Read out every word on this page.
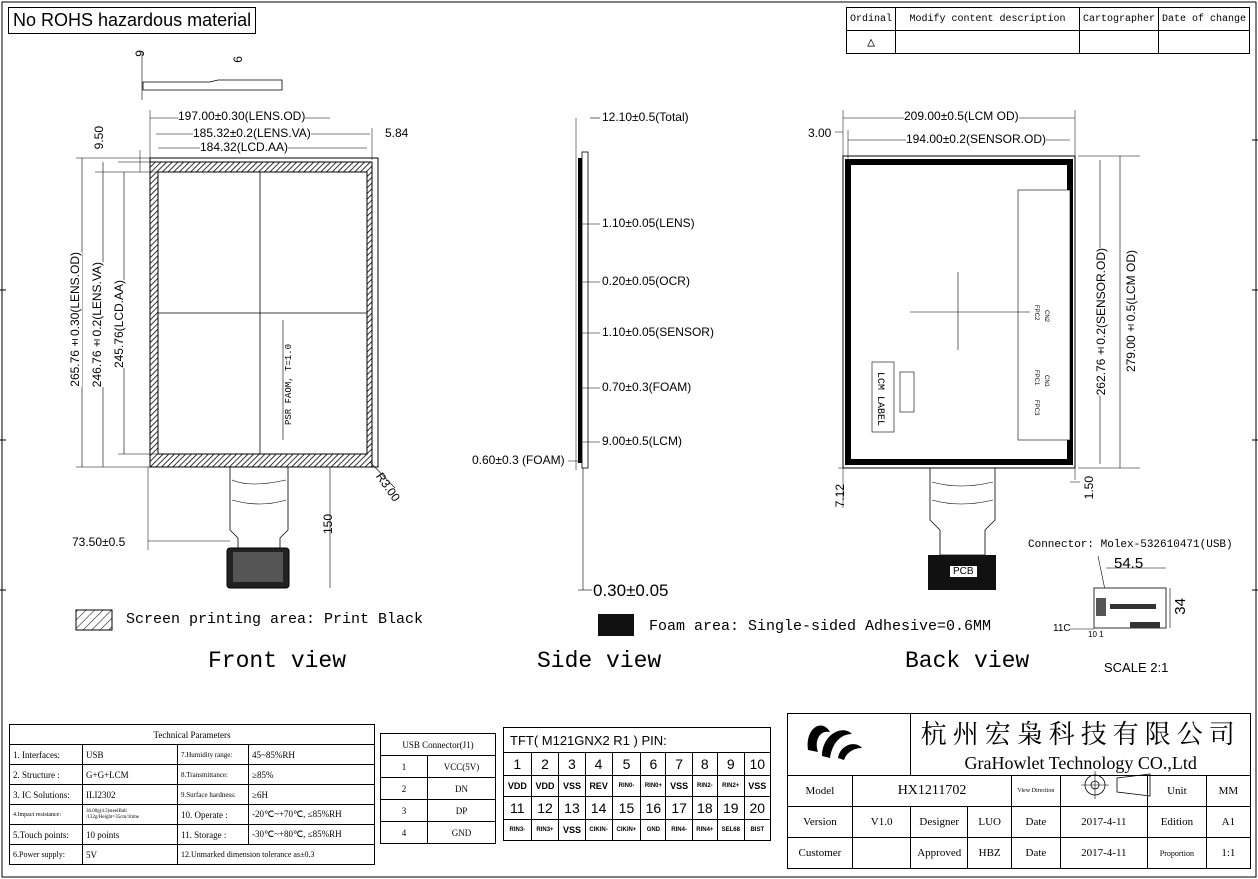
No ROHS hazardous material	Ordinal	Modify content description	Cartographer	Date of change
△			
9
6
197.00±0.30(LENS.OD)
185.32±0.2(LENS.VA)
184.32(LCD.AA)
5.84
9.50
265.76±0.30(LENS.OD) 246.76±0.2(LENS.VA) 245.76(LCD.AA)
PSR FAOM, T=1.0
R3.00
150
73.50±0.5
Front view
12.10±0.5(Total)
1.10±0.05(LENS)
0.20±0.05(OCR)
1.10±0.05(SENSOR)
0.70±0.3(FOAM)
9.00±0.5(LCM)
0.60±0.3 (FOAM)
0.30±0.05
Side view
209.00±0.5(LCM OD)
194.00±0.2(SENSOR.OD)
3.00
262.76±0.2(SENSOR.OD) 279.00±0.5(LCM OD)
7.12	1.50
LCM LABEL
FPC2
FPC1
FPC3
CN2
CN1
PCB
Back view
Connector: Molex-532610471(USB)
54.5
34
11C
10 1
SCALE 2:1
Screen printing area: Print Black	Foam area: Single-sided Adhesive=0.6MM
Technical Parameters			
1. Interfaces:	USB	7.Humidity range:	45~85%RH
2. Structure :	G+G+LCM	8.Transmittance:	≥85%
3. IC Solutions:	ILI2302	9.Surface hardness:	≥6H
4.Impact resistance:	36.00g(4.5)steelBall /132g/Height=35cm/1time	10. Operate :	-20℃~+70℃, ≤85%RH
5.Touch points:	10 points	11. Storage :	-30℃~+80℃, ≤85%RH
6.Power supply:	5V	12.Unmarked dimension tolerance as±0.3	
USB Connector(J1)	
1	VCC(5V)
2	DN
3	DP
4	GND
TFT( M121GNX2 R1 ) PIN:									
1	2	3	4	5	6	7	8	9	10
VDD	VDD	VSS	REV	RIN0-	RIN0+	VSS	RIN2-	RIN2+	VSS
11	12	13	14	15	16	17	18	19	20
RIN3-	RIN3+	VSS	CIKIN-	CIKIN+	GND	RIN4-	RIN4+	SEL68	BIST
		杭州宏枭科技有限公司					
		GraHowlet Technology CO.,Ltd					
Model	HX1211702			View Direction		Unit	MM
Version	V1.0	Designer	LUO	Date	2017-4-11	Edition	A1
Customer		Approved	HBZ	Date	2017-4-11	Proportion	1:1
